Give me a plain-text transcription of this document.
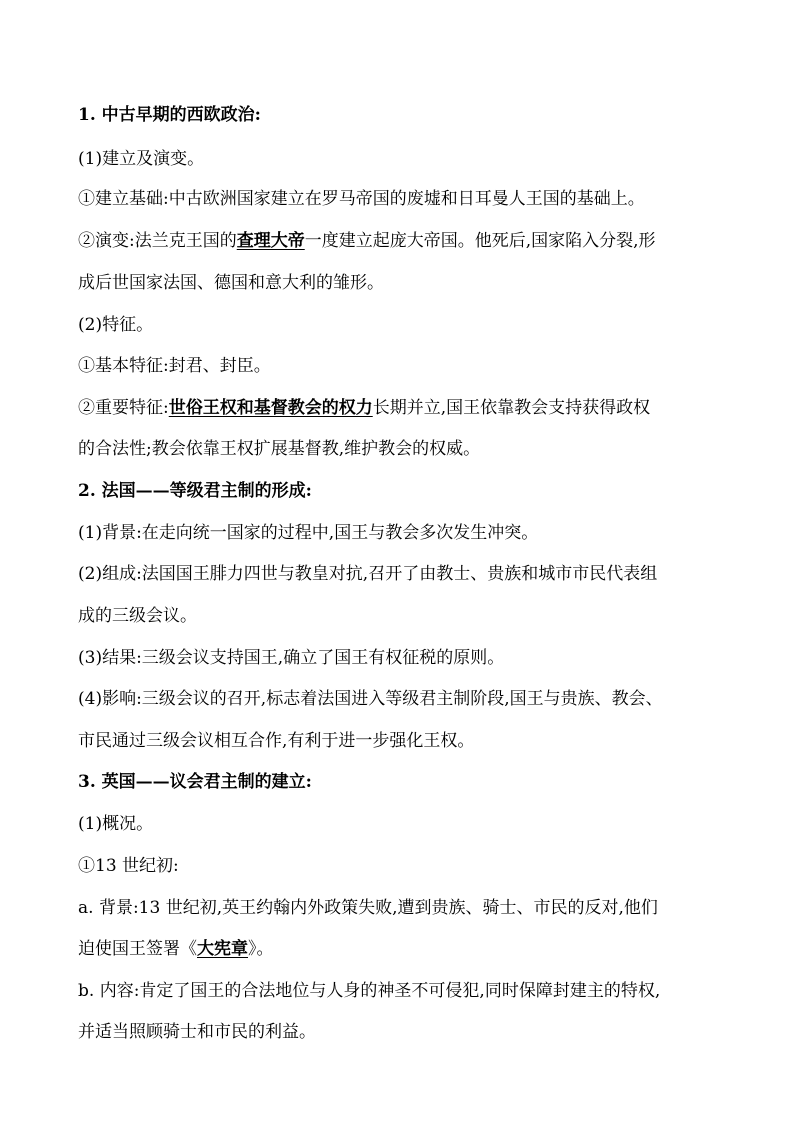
1. 中古早期的西欧政治:
(1)建立及演变。
①建立基础:中古欧洲国家建立在罗马帝国的废墟和日耳曼人王国的基础上。
②演变:法兰克王国的查理大帝一度建立起庞大帝国。他死后,国家陷入分裂,形
成后世国家法国、德国和意大利的雏形。
(2)特征。
①基本特征:封君、封臣。
②重要特征:世俗王权和基督教会的权力长期并立,国王依靠教会支持获得政权
的合法性;教会依靠王权扩展基督教,维护教会的权威。
2. 法国——等级君主制的形成:
(1)背景:在走向统一国家的过程中,国王与教会多次发生冲突。
(2)组成:法国国王腓力四世与教皇对抗,召开了由教士、贵族和城市市民代表组
成的三级会议。
(3)结果:三级会议支持国王,确立了国王有权征税的原则。
(4)影响:三级会议的召开,标志着法国进入等级君主制阶段,国王与贵族、教会、
市民通过三级会议相互合作,有利于进一步强化王权。
3. 英国——议会君主制的建立:
(1)概况。
①13 世纪初:
a. 背景:13 世纪初,英王约翰内外政策失败,遭到贵族、骑士、市民的反对,他们
迫使国王签署《大宪章》。
b. 内容:肯定了国王的合法地位与人身的神圣不可侵犯,同时保障封建主的特权,
并适当照顾骑士和市民的利益。
